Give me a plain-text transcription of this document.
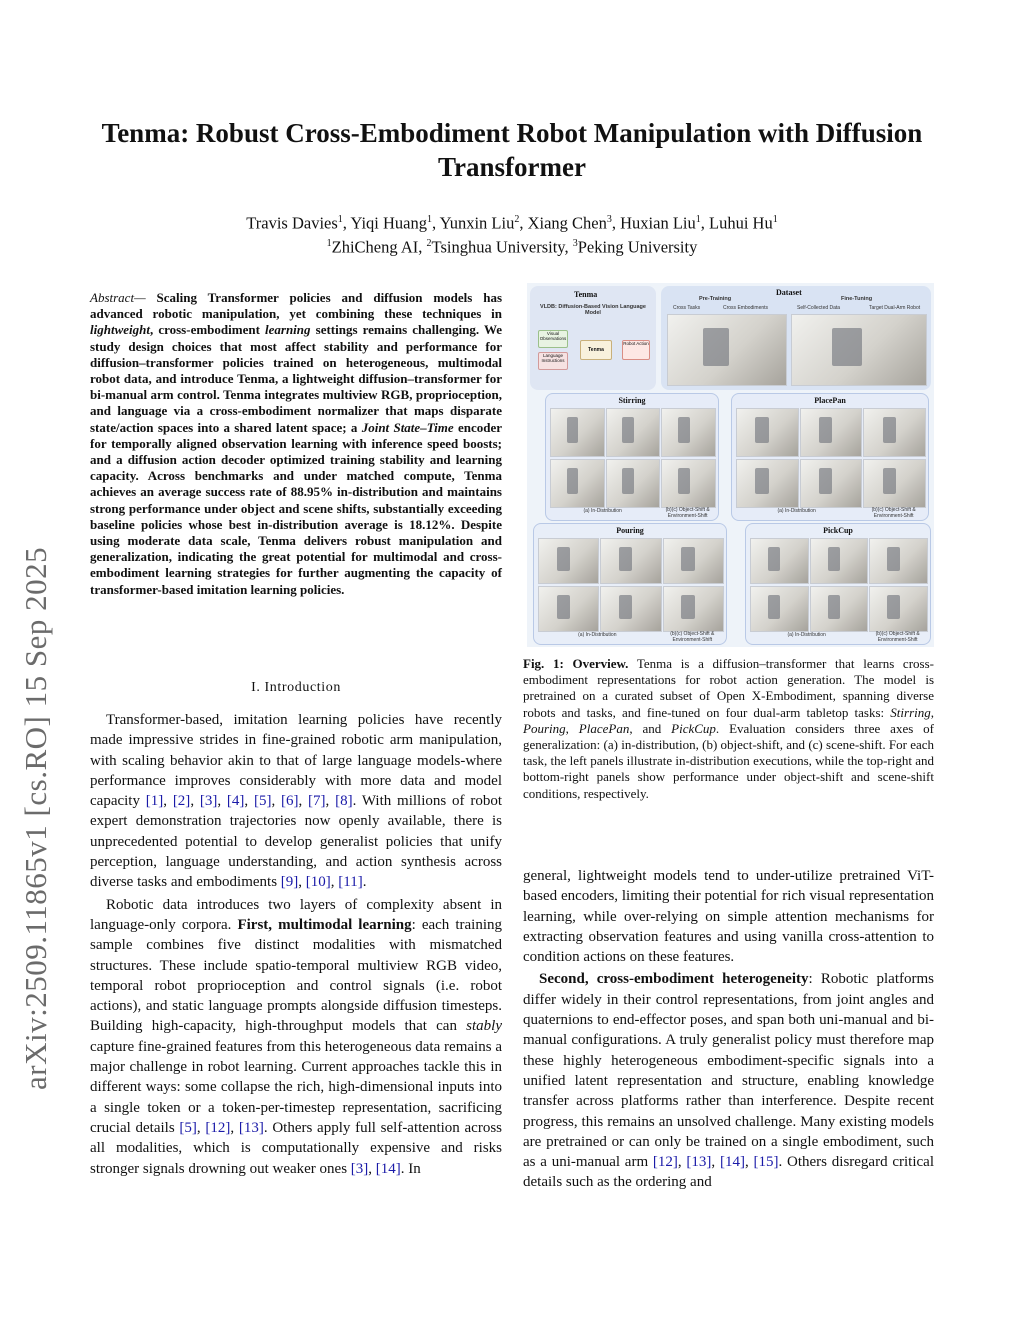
arXiv:2509.11865v1 [cs.RO] 15 Sep 2025
Tenma: Robust Cross-Embodiment Robot Manipulation with Diffusion Transformer
Travis Davies$^1$, Yiqi Huang$^1$, Yunxin Liu$^2$, Xiang Chen$^3$, Huxian Liu$^1$, Luhui Hu$^1$
$^1$ZhiCheng AI, $^2$Tsinghua University, $^3$Peking University
Abstract— Scaling Transformer policies and diffusion models has advanced robotic manipulation, yet combining these techniques in lightweight, cross-embodiment learning settings remains challenging. We study design choices that most affect stability and performance for diffusion–transformer policies trained on heterogeneous, multimodal robot data, and introduce Tenma, a lightweight diffusion–transformer for bi-manual arm control. Tenma integrates multiview RGB, proprioception, and language via a cross-embodiment normalizer that maps disparate state/action spaces into a shared latent space; a Joint State–Time encoder for temporally aligned observation learning with inference speed boosts; and a diffusion action decoder optimized training stability and learning capacity. Across benchmarks and under matched compute, Tenma achieves an average success rate of 88.95% in-distribution and maintains strong performance under object and scene shifts, substantially exceeding baseline policies whose best in-distribution average is 18.12%. Despite using moderate data scale, Tenma delivers robust manipulation and generalization, indicating the great potential for multimodal and cross-embodiment learning strategies for further augmenting the capacity of transformer-based imitation learning policies.
I. Introduction

Transformer-based, imitation learning policies have recently made impressive strides in fine-grained robotic arm manipulation, with scaling behavior akin to that of large language models-where performance improves considerably with more data and model capacity [1], [2], [3], [4], [5], [6], [7], [8]. With millions of robot expert demonstration trajectories now openly available, there is unprecedented potential to develop generalist policies that unify perception, language understanding, and action synthesis across diverse tasks and embodiments [9], [10], [11].

Robotic data introduces two layers of complexity absent in language-only corpora. First, multimodal learning: each training sample combines five distinct modalities with mismatched structures. These include spatio-temporal multiview RGB video, temporal robot proprioception and control signals (i.e. robot actions), and static language prompts alongside diffusion timesteps. Building high-capacity, high-throughput models that can stably capture fine-grained features from this heterogeneous data remains a major challenge in robot learning. Current approaches tackle this in different ways: some collapse the rich, high-dimensional inputs into a single token or a token-per-timestep representation, sacrificing crucial details [5], [12], [13]. Others apply full self-attention across all modalities, which is computationally expensive and risks stronger signals drowning out weaker ones [3], [14]. In

Tenma
VLDB: Diffusion-Based Vision Language Model
Visual Observations
Language Instructions
Tenma
Robot Action
Dataset
Pre-Training	Fine-Tuning
Cross Tasks	Cross Embodiments	Self-Collected Data	Target Dual-Arm Robot
Stirring
(a) In-Distribution	(b)(c) Object-Shift & Environment-Shift
PlacePan
(a) In-Distribution	(b)(c) Object-Shift & Environment-Shift
Pouring
(a) In-Distribution	(b)(c) Object-Shift & Environment-Shift
PickCup
(a) In-Distribution	(b)(c) Object-Shift & Environment-Shift
Fig. 1: Overview. Tenma is a diffusion–transformer that learns cross-embodiment representations for robot action generation. The model is pretrained on a curated subset of Open X-Embodiment, spanning diverse robots and tasks, and fine-tuned on four dual-arm tabletop tasks: Stirring, Pouring, PlacePan, and PickCup. Evaluation considers three axes of generalization: (a) in-distribution, (b) object-shift, and (c) scene-shift. For each task, the left panels illustrate in-distribution executions, while the top-right and bottom-right panels show performance under object-shift and scene-shift conditions, respectively.

general, lightweight models tend to under-utilize pretrained ViT-based encoders, limiting their potential for rich visual representation learning, while over-relying on simple attention mechanisms for extracting observation features and using vanilla cross-attention to condition actions on these features.

Second, cross-embodiment heterogeneity: Robotic platforms differ widely in their control representations, from joint angles and quaternions to end-effector poses, and span both uni-manual and bi-manual configurations. A truly generalist policy must therefore map these highly heterogeneous embodiment-specific signals into a unified latent representation and structure, enabling knowledge transfer across platforms rather than interference. Despite recent progress, this remains an unsolved challenge. Many existing models are pretrained or can only be trained on a single embodiment, such as a uni-manual arm [12], [13], [14], [15]. Others disregard critical details such as the ordering and
